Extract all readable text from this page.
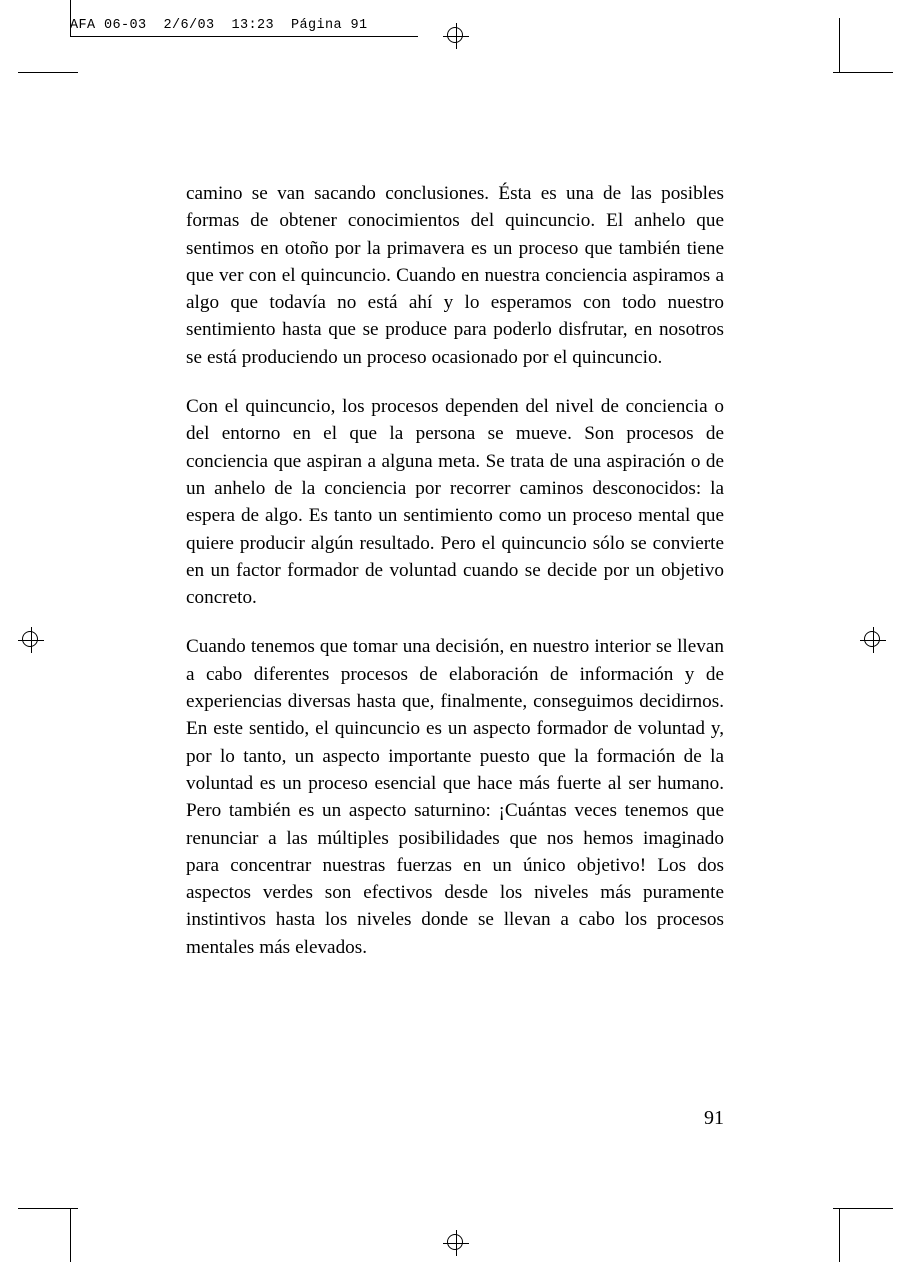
AFA 06-03  2/6/03  13:23  Página 91

camino se van sacando conclusiones. Ésta es una de las posibles formas de obtener conocimientos del quincuncio. El anhelo que sentimos en otoño por la primavera es un proceso que también tiene que ver con el quincuncio. Cuando en nuestra conciencia aspiramos a algo que todavía no está ahí y lo esperamos con todo nuestro sentimiento hasta que se produce para poderlo disfrutar, en nosotros se está produciendo un proceso ocasionado por el quincuncio.

Con el quincuncio, los procesos dependen del nivel de conciencia o del entorno en el que la persona se mueve. Son procesos de conciencia que aspiran a alguna meta. Se trata de una aspiración o de un anhelo de la conciencia por recorrer caminos desconocidos: la espera de algo. Es tanto un sentimiento como un proceso mental que quiere producir algún resultado. Pero el quincuncio sólo se convierte en un factor formador de voluntad cuando se decide por un objetivo concreto.

Cuando tenemos que tomar una decisión, en nuestro interior se llevan a cabo diferentes procesos de elaboración de información y de experiencias diversas hasta que, finalmente, conseguimos decidirnos. En este sentido, el quincuncio es un aspecto formador de voluntad y, por lo tanto, un aspecto importante puesto que la formación de la voluntad es un proceso esencial que hace más fuerte al ser humano. Pero también es un aspecto saturnino: ¡Cuántas veces tenemos que renunciar a las múltiples posibilidades que nos hemos imaginado para concentrar nuestras fuerzas en un único objetivo! Los dos aspectos verdes son efectivos desde los niveles más puramente instintivos hasta los niveles donde se llevan a cabo los procesos mentales más elevados.

91
